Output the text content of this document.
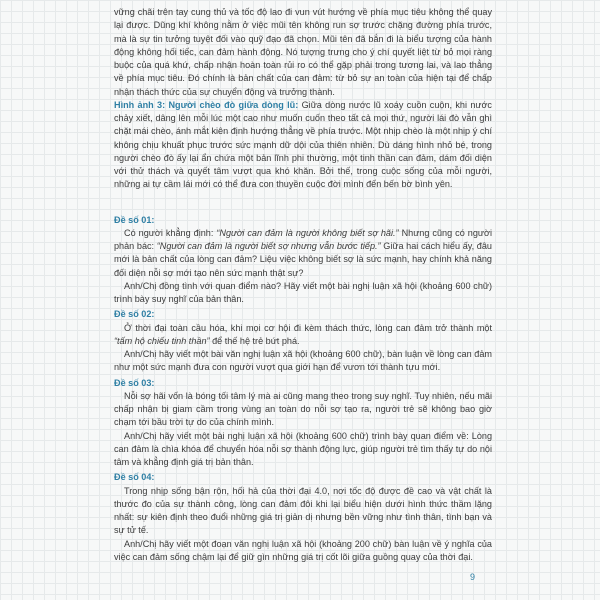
vững chãi trên tay cung thủ và tốc độ lao đi vun vút hướng về phía mục tiêu không thể quay lại được. Dũng khí không nằm ở việc mũi tên không run sợ trước chặng đường phía trước, mà là sự tin tưởng tuyệt đối vào quỹ đạo đã chọn. Mũi tên đã bắn đi là biểu tượng của hành động không hối tiếc, can đảm hành động. Nó tượng trưng cho ý chí quyết liệt từ bỏ mọi ràng buộc của quá khứ, chấp nhận hoàn toàn rủi ro có thể gặp phải trong tương lai, và lao thẳng về phía mục tiêu. Đó chính là bản chất của can đảm: từ bỏ sự an toàn của hiện tại để chấp nhận thách thức của sự chuyển động và trưởng thành.

Hình ảnh 3: Người chèo đò giữa dòng lũ: Giữa dòng nước lũ xoáy cuồn cuộn, khi nước chảy xiết, dâng lên mỗi lúc một cao như muốn cuốn theo tất cả mọi thứ, người lái đò vẫn ghì chặt mái chèo, ánh mắt kiên định hướng thẳng về phía trước. Một nhịp chèo là một nhịp ý chí không chịu khuất phục trước sức mạnh dữ dội của thiên nhiên. Dù dáng hình nhỏ bé, trong người chèo đò ấy lại ẩn chứa một bản lĩnh phi thường, một tinh thần can đảm, dám đối diện với thử thách và quyết tâm vượt qua khó khăn. Bởi thế, trong cuộc sống của mỗi người, những ai tự cầm lái mới có thể đưa con thuyền cuộc đời mình đến bến bờ bình yên.

Đề số 01:

Có người khẳng định: “Người can đảm là người không biết sợ hãi.” Nhưng cũng có người phản bác: “Người can đảm là người biết sợ nhưng vẫn bước tiếp.” Giữa hai cách hiểu ấy, đâu mới là bản chất của lòng can đảm? Liệu việc không biết sợ là sức mạnh, hay chính khả năng đối diện nỗi sợ mới tạo nên sức mạnh thật sự?

Anh/Chị đồng tình với quan điểm nào? Hãy viết một bài nghị luận xã hội (khoảng 600 chữ) trình bày suy nghĩ của bản thân.

Đề số 02:

Ở thời đại toàn cầu hóa, khi mọi cơ hội đi kèm thách thức, lòng can đảm trở thành một “tấm hộ chiếu tinh thần” để thế hệ trẻ bứt phá.

Anh/Chị hãy viết một bài văn nghị luận xã hội (khoảng 600 chữ), bàn luận về lòng can đảm như một sức mạnh đưa con người vượt qua giới hạn để vươn tới thành tựu mới.

Đề số 03:

Nỗi sợ hãi vốn là bóng tối tâm lý mà ai cũng mang theo trong suy nghĩ. Tuy nhiên, nếu mãi chấp nhận bị giam cầm trong vùng an toàn do nỗi sợ tạo ra, người trẻ sẽ không bao giờ chạm tới bầu trời tự do của chính mình.

Anh/Chị hãy viết một bài nghị luận xã hội (khoảng 600 chữ) trình bày quan điểm về: Lòng can đảm là chìa khóa để chuyển hóa nỗi sợ thành động lực, giúp người trẻ tìm thấy tự do nội tâm và khẳng định giá trị bản thân.

Đề số 04:

Trong nhịp sống bận rộn, hối hả của thời đại 4.0, nơi tốc độ được đề cao và vật chất là thước đo của sự thành công, lòng can đảm đôi khi lại biểu hiện dưới hình thức thầm lặng nhất: sự kiên định theo đuổi những giá trị giản dị nhưng bền vững như tình thân, tình bạn và sự tử tế.

Anh/Chị hãy viết một đoạn văn nghị luận xã hội (khoảng 200 chữ) bàn luận về ý nghĩa của việc can đảm sống chậm lại để giữ gìn những giá trị cốt lõi giữa guồng quay của thời đại.

9
